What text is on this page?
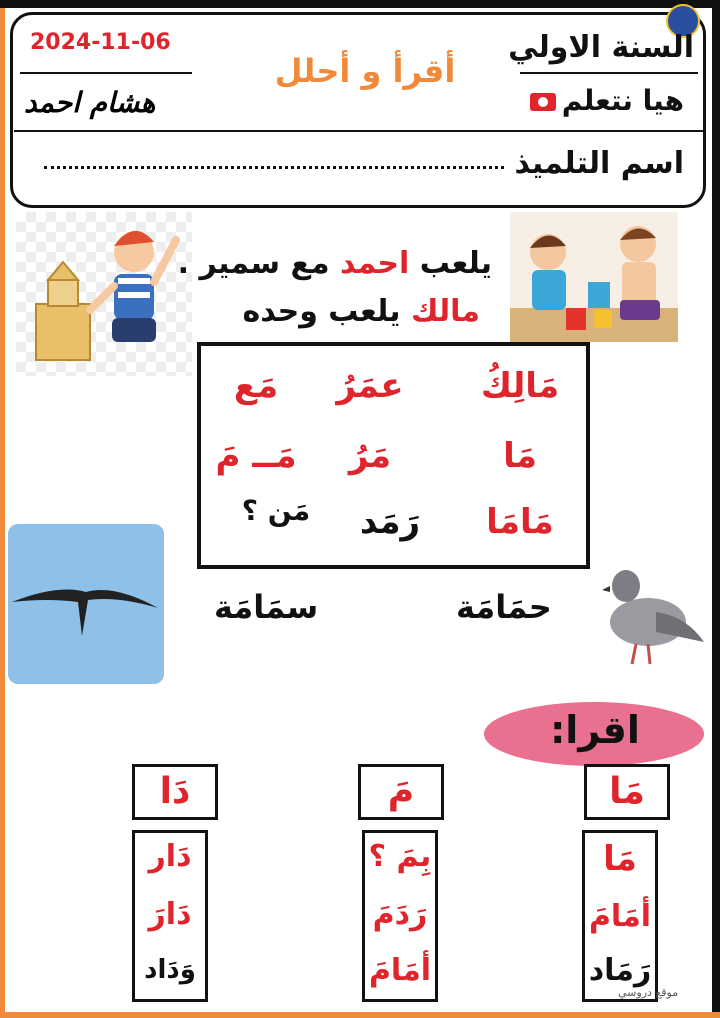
2024-11-06
أقرأ و أحلل
السنة الاولي
هيا نتعلم
هشام احمد
اسم التلميذ
يلعب احمد مع سمير .
مالك يلعب وحده
مَالِكُ
عمَرُ
مَع
مَا
مَرُ
مَــ مَ
مَامَا
رَمَد
مَن ؟
سمَامَة	حمَامَة
اقرا:
مَا
مَا
أمَامَ
رَمَاد
مَ
بِمَ ؟
رَدَمَ
أمَامَ
دَا
دَار
دَارَ
وَدَاد
موقع دروسي
